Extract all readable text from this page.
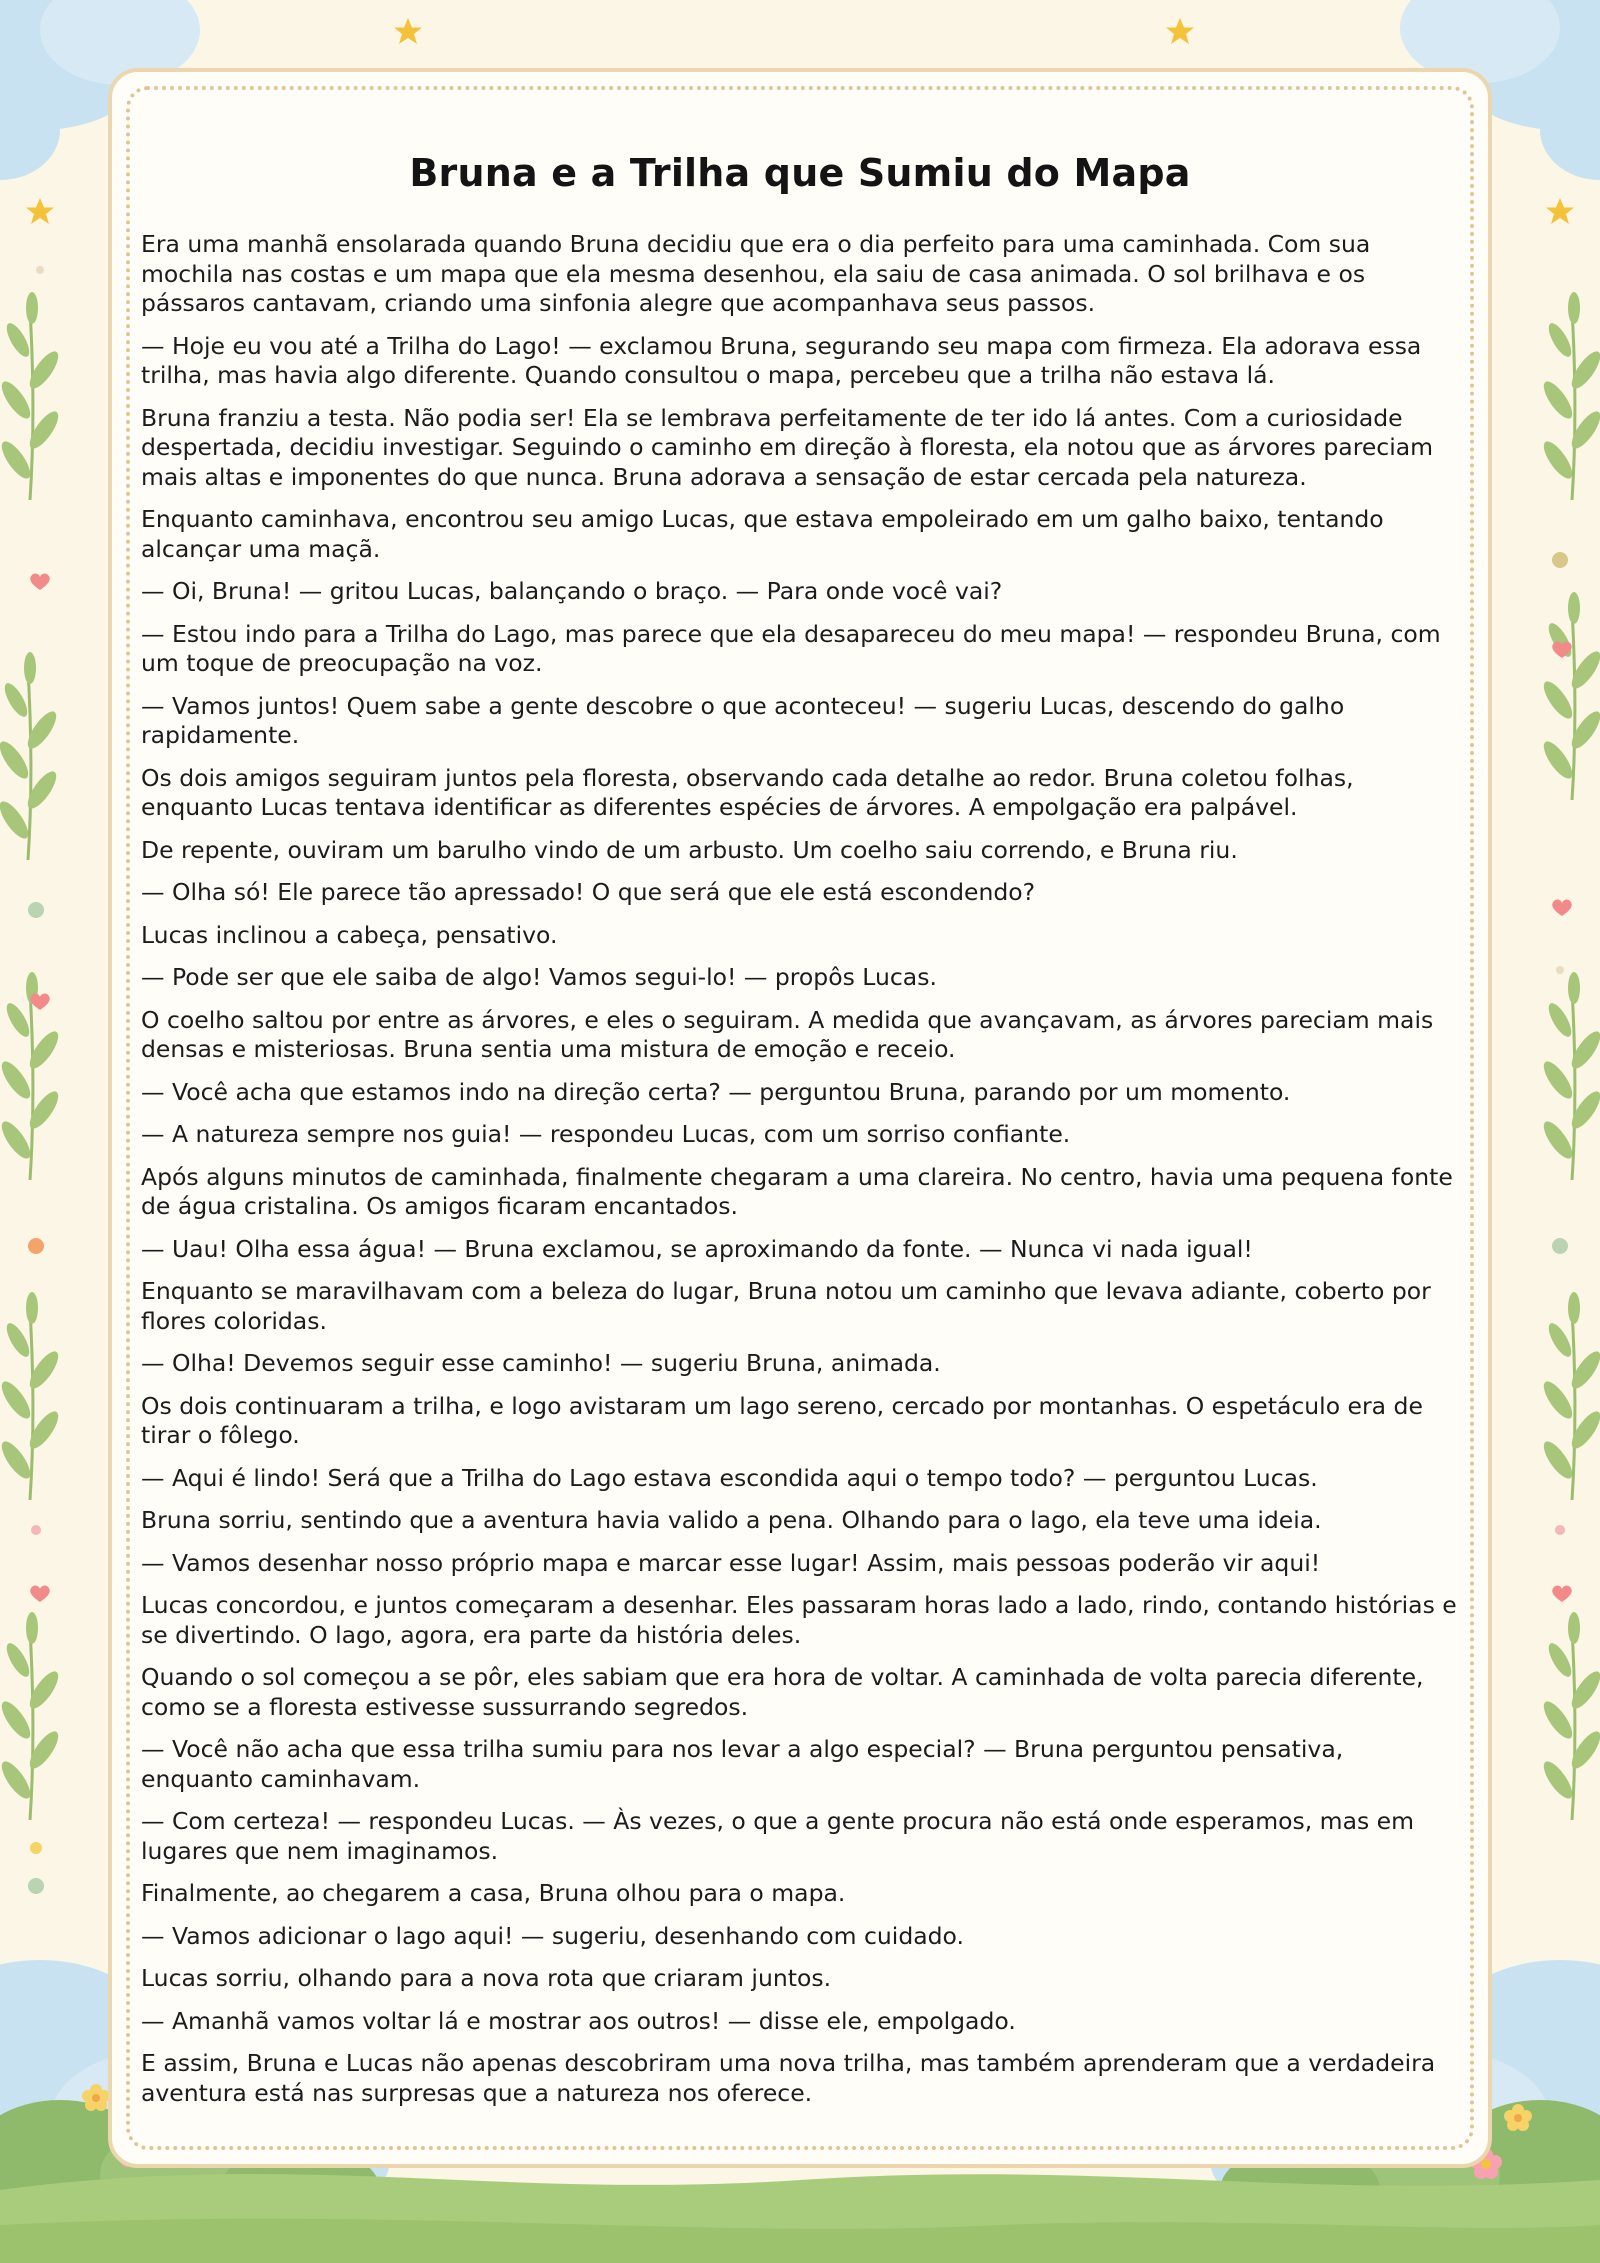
Bruna e a Trilha que Sumiu do Mapa

Era uma manhã ensolarada quando Bruna decidiu que era o dia perfeito para uma caminhada. Com sua mochila nas costas e um mapa que ela mesma desenhou, ela saiu de casa animada. O sol brilhava e os pássaros cantavam, criando uma sinfonia alegre que acompanhava seus passos.

— Hoje eu vou até a Trilha do Lago! — exclamou Bruna, segurando seu mapa com firmeza. Ela adorava essa trilha, mas havia algo diferente. Quando consultou o mapa, percebeu que a trilha não estava lá.

Bruna franziu a testa. Não podia ser! Ela se lembrava perfeitamente de ter ido lá antes. Com a curiosidade despertada, decidiu investigar. Seguindo o caminho em direção à floresta, ela notou que as árvores pareciam mais altas e imponentes do que nunca. Bruna adorava a sensação de estar cercada pela natureza.

Enquanto caminhava, encontrou seu amigo Lucas, que estava empoleirado em um galho baixo, tentando alcançar uma maçã.

— Oi, Bruna! — gritou Lucas, balançando o braço. — Para onde você vai?

— Estou indo para a Trilha do Lago, mas parece que ela desapareceu do meu mapa! — respondeu Bruna, com um toque de preocupação na voz.

— Vamos juntos! Quem sabe a gente descobre o que aconteceu! — sugeriu Lucas, descendo do galho rapidamente.

Os dois amigos seguiram juntos pela floresta, observando cada detalhe ao redor. Bruna coletou folhas, enquanto Lucas tentava identificar as diferentes espécies de árvores. A empolgação era palpável.

De repente, ouviram um barulho vindo de um arbusto. Um coelho saiu correndo, e Bruna riu.

— Olha só! Ele parece tão apressado! O que será que ele está escondendo?

Lucas inclinou a cabeça, pensativo.

— Pode ser que ele saiba de algo! Vamos segui-lo! — propôs Lucas.

O coelho saltou por entre as árvores, e eles o seguiram. A medida que avançavam, as árvores pareciam mais densas e misteriosas. Bruna sentia uma mistura de emoção e receio.

— Você acha que estamos indo na direção certa? — perguntou Bruna, parando por um momento.

— A natureza sempre nos guia! — respondeu Lucas, com um sorriso confiante.

Após alguns minutos de caminhada, finalmente chegaram a uma clareira. No centro, havia uma pequena fonte de água cristalina. Os amigos ficaram encantados.

— Uau! Olha essa água! — Bruna exclamou, se aproximando da fonte. — Nunca vi nada igual!

Enquanto se maravilhavam com a beleza do lugar, Bruna notou um caminho que levava adiante, coberto por flores coloridas.

— Olha! Devemos seguir esse caminho! — sugeriu Bruna, animada.

Os dois continuaram a trilha, e logo avistaram um lago sereno, cercado por montanhas. O espetáculo era de tirar o fôlego.

— Aqui é lindo! Será que a Trilha do Lago estava escondida aqui o tempo todo? — perguntou Lucas.

Bruna sorriu, sentindo que a aventura havia valido a pena. Olhando para o lago, ela teve uma ideia.

— Vamos desenhar nosso próprio mapa e marcar esse lugar! Assim, mais pessoas poderão vir aqui!

Lucas concordou, e juntos começaram a desenhar. Eles passaram horas lado a lado, rindo, contando histórias e se divertindo. O lago, agora, era parte da história deles.

Quando o sol começou a se pôr, eles sabiam que era hora de voltar. A caminhada de volta parecia diferente, como se a floresta estivesse sussurrando segredos.

— Você não acha que essa trilha sumiu para nos levar a algo especial? — Bruna perguntou pensativa, enquanto caminhavam.

— Com certeza! — respondeu Lucas. — Às vezes, o que a gente procura não está onde esperamos, mas em lugares que nem imaginamos.

Finalmente, ao chegarem a casa, Bruna olhou para o mapa.

— Vamos adicionar o lago aqui! — sugeriu, desenhando com cuidado.

Lucas sorriu, olhando para a nova rota que criaram juntos.

— Amanhã vamos voltar lá e mostrar aos outros! — disse ele, empolgado.

E assim, Bruna e Lucas não apenas descobriram uma nova trilha, mas também aprenderam que a verdadeira aventura está nas surpresas que a natureza nos oferece.
